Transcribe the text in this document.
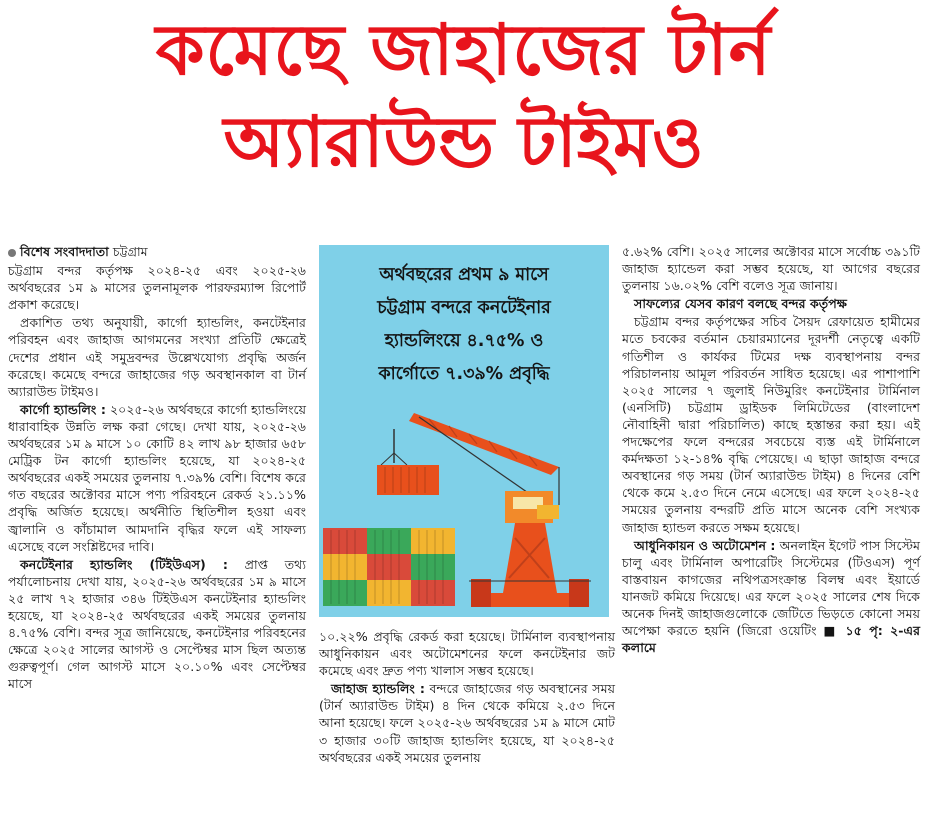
কমেছে জাহাজের টার্ন
অ্যারাউন্ড টাইমও
বিশেষ সংবাদদাতা চট্টগ্রাম

চট্টগ্রাম বন্দর কর্তৃপক্ষ ২০২৪-২৫ এবং ২০২৫-২৬ অর্থবছরের ১ম ৯ মাসের তুলনামূলক পারফরম্যান্স রিপোর্ট প্রকাশ করেছে।

প্রকাশিত তথ্য অনুযায়ী, কার্গো হ্যান্ডলিং, কনটেইনার পরিবহন এবং জাহাজ আগমনের সংখ্যা প্রতিটি ক্ষেত্রেই দেশের প্রধান এই সমুদ্রবন্দর উল্লেখযোগ্য প্রবৃদ্ধি অর্জন করেছে। কমেছে বন্দরে জাহাজের গড় অবস্থানকাল বা টার্ন অ্যারাউন্ড টাইমও।

কার্গো হ্যান্ডলিং : ২০২৫-২৬ অর্থবছরে কার্গো হ্যান্ডলিংয়ে ধারাবাহিক উন্নতি লক্ষ করা গেছে। দেখা যায়, ২০২৫-২৬ অর্থবছরের ১ম ৯ মাসে ১০ কোটি ৪২ লাখ ৯৮ হাজার ৬৫৮ মেট্রিক টন কার্গো হ্যান্ডলিং হয়েছে, যা ২০২৪-২৫ অর্থবছরের একই সময়ের তুলনায় ৭.৩৯% বেশি। বিশেষ করে গত বছরের অক্টোবর মাসে পণ্য পরিবহনে রেকর্ড ২১.১১% প্রবৃদ্ধি অর্জিত হয়েছে। অর্থনীতি স্থিতিশীল হওয়া এবং জ্বালানি ও কাঁচামাল আমদানি বৃদ্ধির ফলে এই সাফল্য এসেছে বলে সংশ্লিষ্টদের দাবি।

কনটেইনার হ্যান্ডলিং (টিইউএস) : প্রাপ্ত তথ্য পর্যালোচনায় দেখা যায়, ২০২৫-২৬ অর্থবছরের ১ম ৯ মাসে ২৫ লাখ ৭২ হাজার ৩৪৬ টিইউএস কনটেইনার হ্যান্ডলিং হয়েছে, যা ২০২৪-২৫ অর্থবছরের একই সময়ের তুলনায় ৪.৭৫% বেশি। বন্দর সূত্র জানিয়েছে, কনটেইনার পরিবহনের ক্ষেত্রে ২০২৫ সালের আগস্ট ও সেপ্টেম্বর মাস ছিল অত্যন্ত গুরুত্বপূর্ণ। গেল আগস্ট মাসে ২০.১০% এবং সেপ্টেম্বর মাসে

অর্থবছরের প্রথম ৯ মাসে
চট্টগ্রাম বন্দরে কনটেইনার
হ্যান্ডলিংয়ে ৪.৭৫% ও
কার্গোতে ৭.৩৯% প্রবৃদ্ধি

১০.২২% প্রবৃদ্ধি রেকর্ড করা হয়েছে। টার্মিনাল ব্যবস্থাপনায় আধুনিকায়ন এবং অটোমেশনের ফলে কনটেইনার জট কমেছে এবং দ্রুত পণ্য খালাস সম্ভব হয়েছে।

জাহাজ হ্যান্ডলিং : বন্দরে জাহাজের গড় অবস্থানের সময় (টার্ন অ্যারাউন্ড টাইম) ৪ দিন থেকে কমিয়ে ২.৫৩ দিনে আনা হয়েছে। ফলে ২০২৫-২৬ অর্থবছরের ১ম ৯ মাসে মোট ৩ হাজার ৩০টি জাহাজ হ্যান্ডলিং হয়েছে, যা ২০২৪-২৫ অর্থবছরের একই সময়ের তুলনায়

৫.৬২% বেশি। ২০২৫ সালের অক্টোবর মাসে সর্বোচ্চ ৩৯১টি জাহাজ হ্যান্ডেল করা সম্ভব হয়েছে, যা আগের বছরের তুলনায় ১৬.০২% বেশি বলেও সূত্র জানায়।

সাফল্যের যেসব কারণ বলছে বন্দর কর্তৃপক্ষ

চট্টগ্রাম বন্দর কর্তৃপক্ষের সচিব সৈয়দ রেফায়েত হামীমের মতে চবকের বর্তমান চেয়ারম্যানের দূরদর্শী নেতৃত্বে একটি গতিশীল ও কার্যকর টিমের দক্ষ ব্যবস্থাপনায় বন্দর পরিচালনায় আমূল পরিবর্তন সাধিত হয়েছে। এর পাশাপাশি ২০২৫ সালের ৭ জুলাই নিউমুরিং কনটেইনার টার্মিনাল (এনসিটি) চট্টগ্রাম ড্রাইডক লিমিটেডের (বাংলাদেশ নৌবাহিনী দ্বারা পরিচালিত) কাছে হস্তান্তর করা হয়। এই পদক্ষেপের ফলে বন্দরের সবচেয়ে ব্যস্ত এই টার্মিনালে কর্মদক্ষতা ১২-১৪% বৃদ্ধি পেয়েছে। এ ছাড়া জাহাজ বন্দরে অবস্থানের গড় সময় (টার্ন অ্যারাউন্ড টাইম) ৪ দিনের বেশি থেকে কমে ২.৫৩ দিনে নেমে এসেছে। এর ফলে ২০২৪-২৫ সময়ের তুলনায় বন্দরটি প্রতি মাসে অনেক বেশি সংখ্যক জাহাজ হ্যান্ডল করতে সক্ষম হয়েছে।

আধুনিকায়ন ও অটোমেশন : অনলাইন ইগেট পাস সিস্টেম চালু এবং টার্মিনাল অপারেটিং সিস্টেমের (টিওএস) পূর্ণ বাস্তবায়ন কাগজের নথিপত্রসংক্রান্ত বিলম্ব এবং ইয়ার্ডে যানজট কমিয়ে দিয়েছে। এর ফলে ২০২৫ সালের শেষ দিকে অনেক দিনই জাহাজগুলোকে জেটিতে ভিড়তে কোনো সময় অপেক্ষা করতে হয়নি (জিরো ওয়েটিং ■ ১৫ পৃ: ২-এর কলামে
